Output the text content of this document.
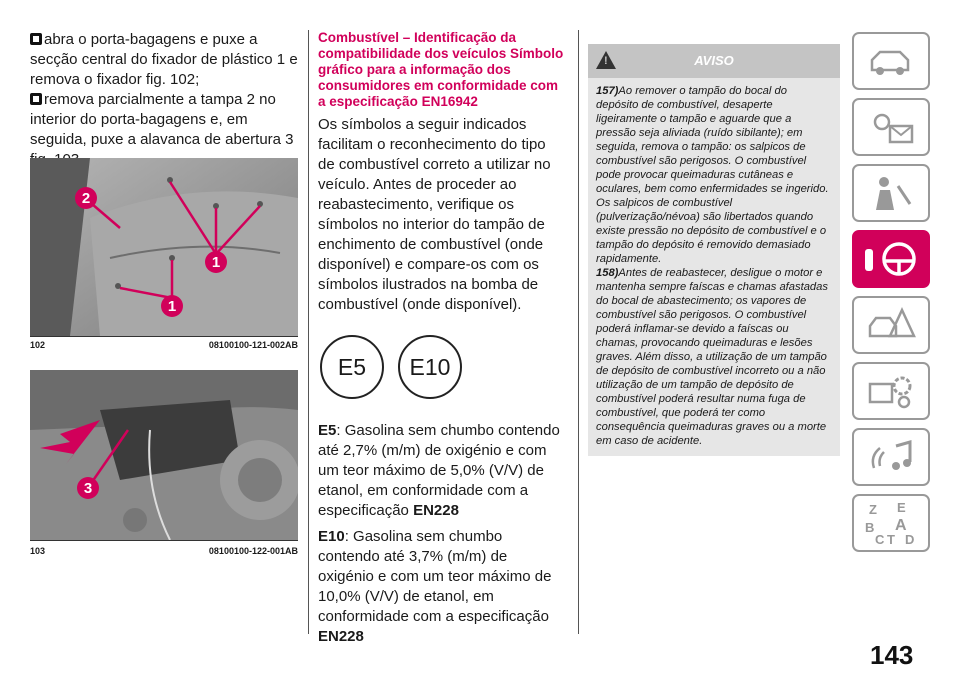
abra o porta-bagagens e puxe a secção central do fixador de plástico 1 e remova o fixador fig. 102;

remova parcialmente a tampa 2 no interior do porta-bagagens e, em seguida, puxe a alavanca de abertura 3

2
1
1
102	08100100-121-002AB
3
103	08100100-122-001AB
Combustível – Identificação da compatibilidade dos veículos Símbolo gráfico para a informação dos consumidores em conformidade com a especificação EN16942

Os símbolos a seguir indicados facilitam o reconhecimento do tipo de combustível correto a utilizar no veículo. Antes de proceder ao reabastecimento, verifique os símbolos no interior do tampão de enchimento de combustível (onde disponível) e compare-os com os símbolos ilustrados na bomba de combustível (onde disponível).

E5	E10

E5: Gasolina sem chumbo contendo até 2,7% (m/m) de oxigénio e com um teor máximo de 5,0% (V/V) de etanol, em conformidade com a especificação EN228

E10: Gasolina sem chumbo contendo até 3,7% (m/m) de oxigénio e com um teor máximo de 10,0% (V/V) de etanol, em conformidade com a especificação EN228

!
AVISO

157)Ao remover o tampão do bocal do depósito de combustível, desaperte ligeiramente o tampão e aguarde que a pressão seja aliviada (ruído sibilante); em seguida, remova o tampão: os salpicos de combustível são perigosos. O combustível pode provocar queimaduras cutâneas e oculares, bem como enfermidades se ingerido. Os salpicos de combustível (pulverização/névoa) são libertados quando existe pressão no depósito de combustível e o tampão do depósito é removido demasiado rapidamente.

158)Antes de reabastecer, desligue o motor e mantenha sempre faíscas e chamas afastadas do bocal de abastecimento; os vapores de combustível são perigosos. O combustível poderá inflamar-se devido a faíscas ou chamas, provocando queimaduras e lesões graves. Além disso, a utilização de um tampão de depósito de combustível incorreto ou a não utilização de um tampão de depósito de combustível poderá resultar numa fuga de combustível, que poderá ter como consequência queimaduras graves ou a morte em caso de acidente.

Z E
B A
C T D
143
